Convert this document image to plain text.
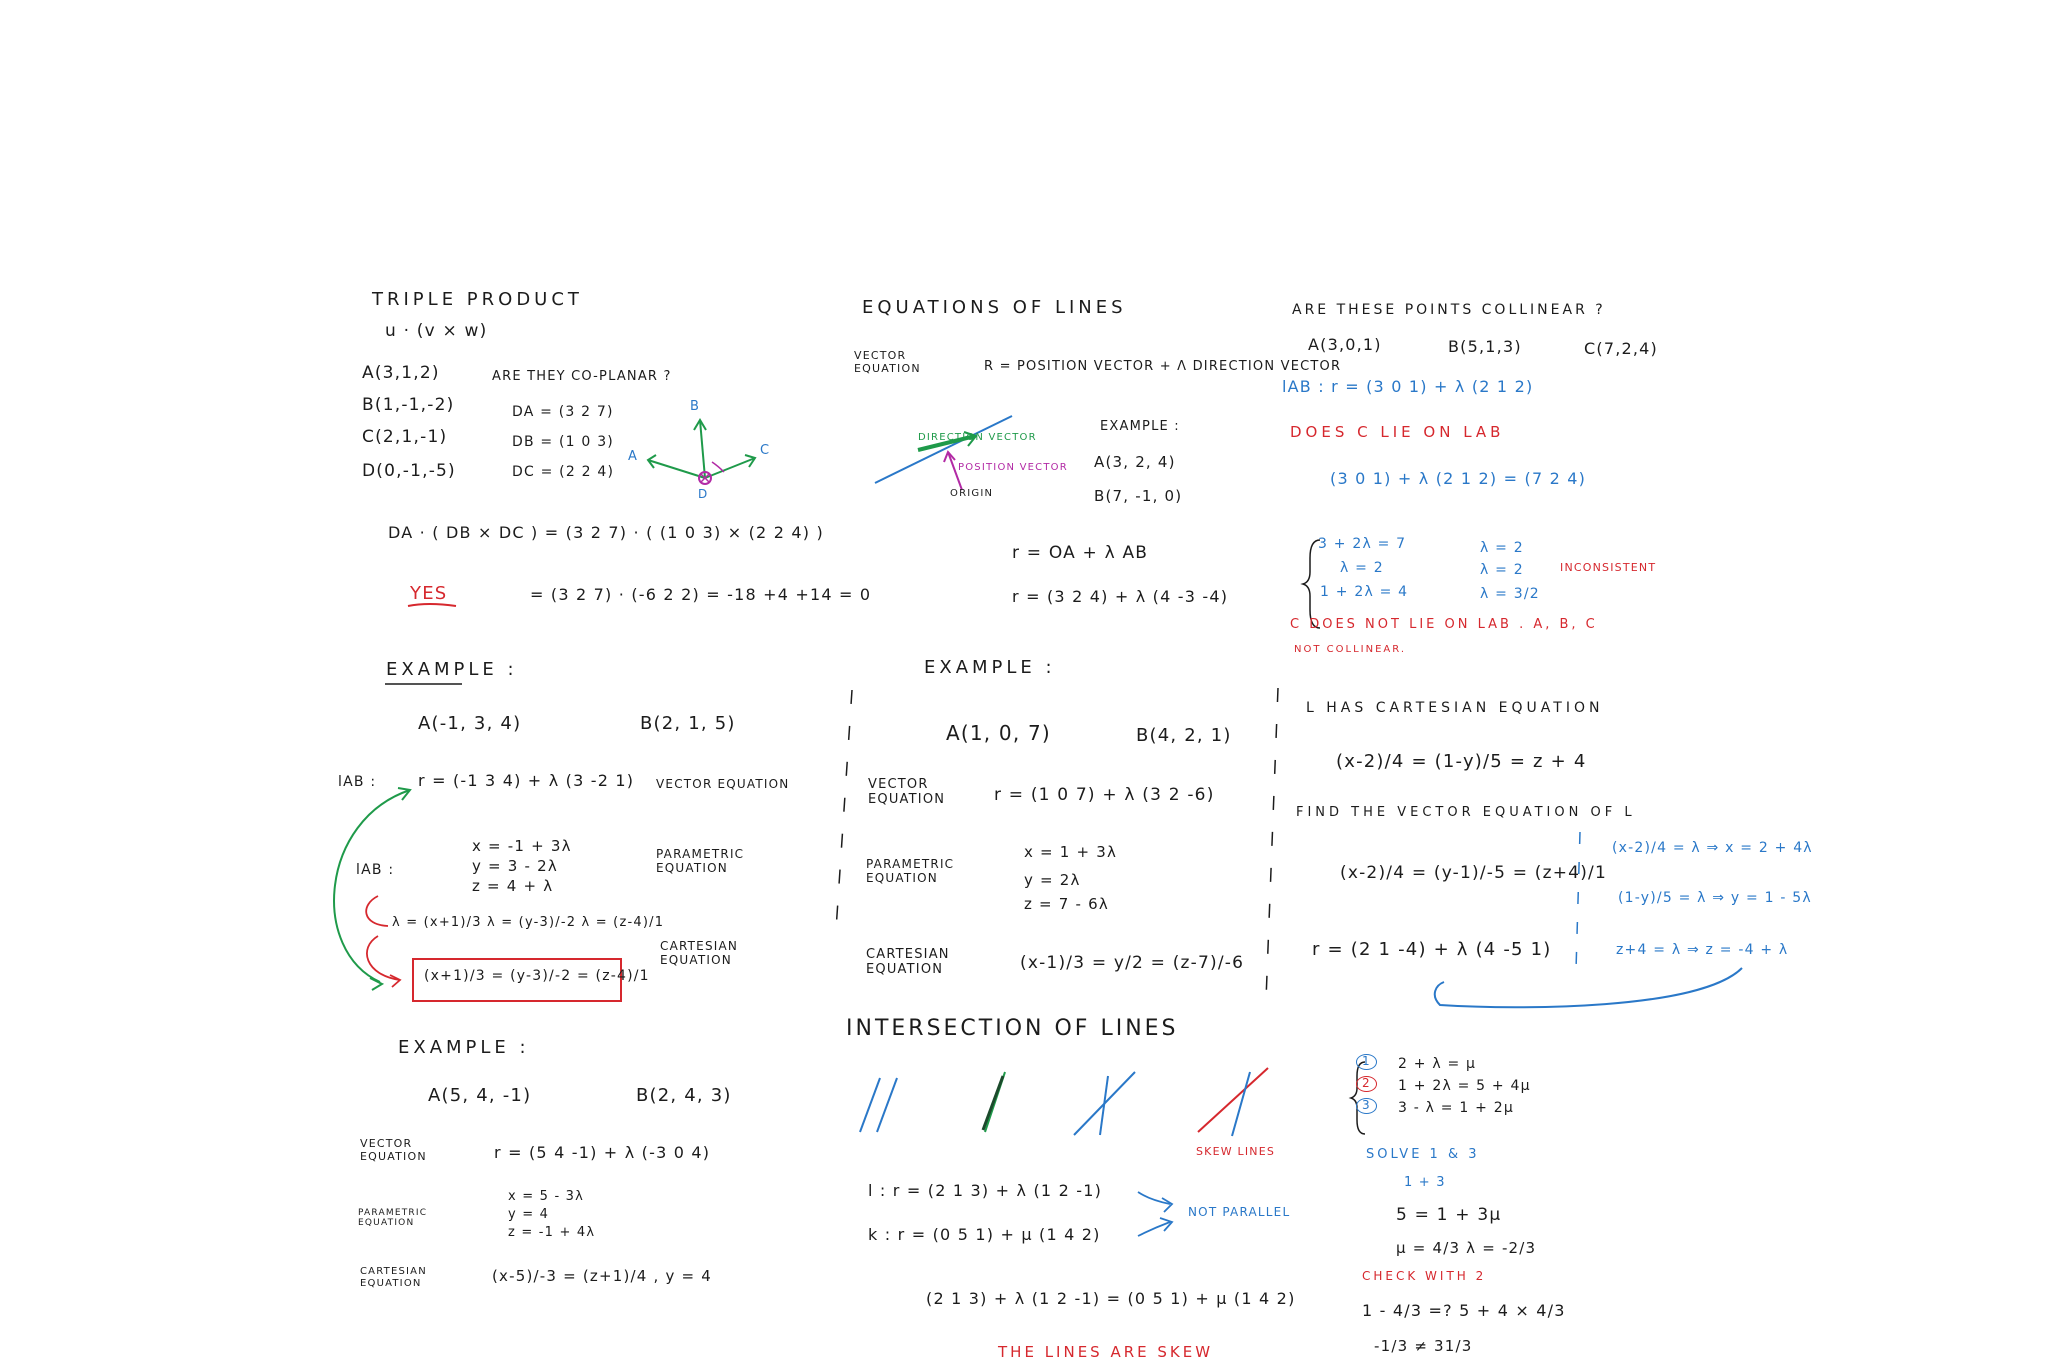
TRIPLE PRODUCT
u · (v × w)
A(3,1,2)
B(1,-1,-2)
C(2,1,-1)
D(0,-1,-5)
ARE THEY CO-PLANAR ?
DA = (3 2 7)
DB = (1 0 3)
DC = (2 2 4)
B
A	C
D
DA · ( DB × DC ) = (3 2 7) · ( (1 0 3) × (2 2 4) )
= (3 2 7) · (-6 2 2) = -18 +4 +14 = 0
YES
EXAMPLE :
A(-1, 3, 4)	B(2, 1, 5)
lAB :	r = (-1 3 4) + λ (3 -2 1) VECTOR EQUATION
lAB :
x = -1 + 3λ
y = 3 - 2λ
z = 4 + λ
PARAMETRIC EQUATION
λ = (x+1)/3 λ = (y-3)/-2 λ = (z-4)/1
(x+1)/3 = (y-3)/-2 = (z-4)/1
CARTESIAN EQUATION
EXAMPLE :
A(5, 4, -1)	B(2, 4, 3)
VECTOR EQUATION	r = (5 4 -1) + λ (-3 0 4)
PARAMETRIC EQUATION
x = 5 - 3λ
y = 4
z = -1 + 4λ
CARTESIAN EQUATION	(x-5)/-3 = (z+1)/4 , y = 4
EQUATIONS OF LINES
VECTOR EQUATION	R = POSITION VECTOR + Λ DIRECTION VECTOR
DIRECTION VECTOR
POSITION VECTOR
ORIGIN
EXAMPLE :
A(3, 2, 4)
B(7, -1, 0)
r = OA + λ AB
r = (3 2 4) + λ (4 -3 -4)
EXAMPLE :
A(1, 0, 7)	B(4, 2, 1)
VECTOR EQUATION	r = (1 0 7) + λ (3 2 -6)
PARAMETRIC EQUATION
x = 1 + 3λ
y = 2λ
z = 7 - 6λ
CARTESIAN EQUATION	(x-1)/3 = y/2 = (z-7)/-6
INTERSECTION OF LINES
SKEW LINES
l : r = (2 1 3) + λ (1 2 -1)
k : r = (0 5 1) + μ (1 4 2)
NOT PARALLEL
(2 1 3) + λ (1 2 -1) = (0 5 1) + μ (1 4 2)
THE LINES ARE SKEW
ARE THESE POINTS COLLINEAR ?
A(3,0,1)	B(5,1,3)	C(7,2,4)
lAB : r = (3 0 1) + λ (2 1 2)
DOES C LIE ON LAB
(3 0 1) + λ (2 1 2) = (7 2 4)
3 + 2λ = 7
λ = 2
1 + 2λ = 4
λ = 2
λ = 2
λ = 3/2
INCONSISTENT
C DOES NOT LIE ON LAB . A, B, C
NOT COLLINEAR.
L HAS CARTESIAN EQUATION
(x-2)/4 = (1-y)/5 = z + 4
FIND THE VECTOR EQUATION OF L
(x-2)/4 = (y-1)/-5 = (z+4)/1
(x-2)/4 = λ ⇒ x = 2 + 4λ
(1-y)/5 = λ ⇒ y = 1 - 5λ
z+4 = λ ⇒ z = -4 + λ
r = (2 1 -4) + λ (4 -5 1)
1
2
3
2 + λ = μ
1 + 2λ = 5 + 4μ
3 - λ = 1 + 2μ
SOLVE 1 & 3
1 + 3
5 = 1 + 3μ
μ = 4/3 λ = -2/3
CHECK WITH 2
1 - 4/3 =? 5 + 4 × 4/3
-1/3 ≠ 31/3
